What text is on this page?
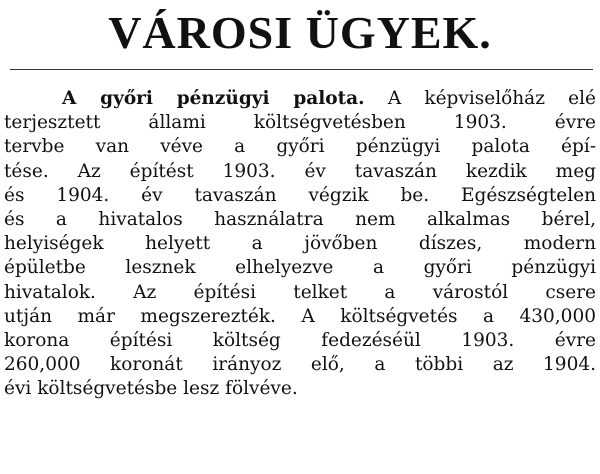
VÁROSI ÜGYEK.
A győri pénzügyi palota. A képviselőház elé
terjesztett állami költségvetésben 1903. évre
tervbe van véve a győri pénzügyi palota épí-
tése. Az építést 1903. év tavaszán kezdik meg
és 1904. év tavaszán végzik be. Egészségtelen
és a hivatalos használatra nem alkalmas bérel,
helyiségek helyett a jövőben díszes, modern
épületbe lesznek elhelyezve a győri pénzügyi
hivatalok. Az építési telket a várostól csere
utján már megszerezték. A költségvetés a 430,000
korona építési költség fedezéséül 1903. évre
260,000 koronát irányoz elő, a többi az 1904.
évi költségvetésbe lesz fölvéve.
